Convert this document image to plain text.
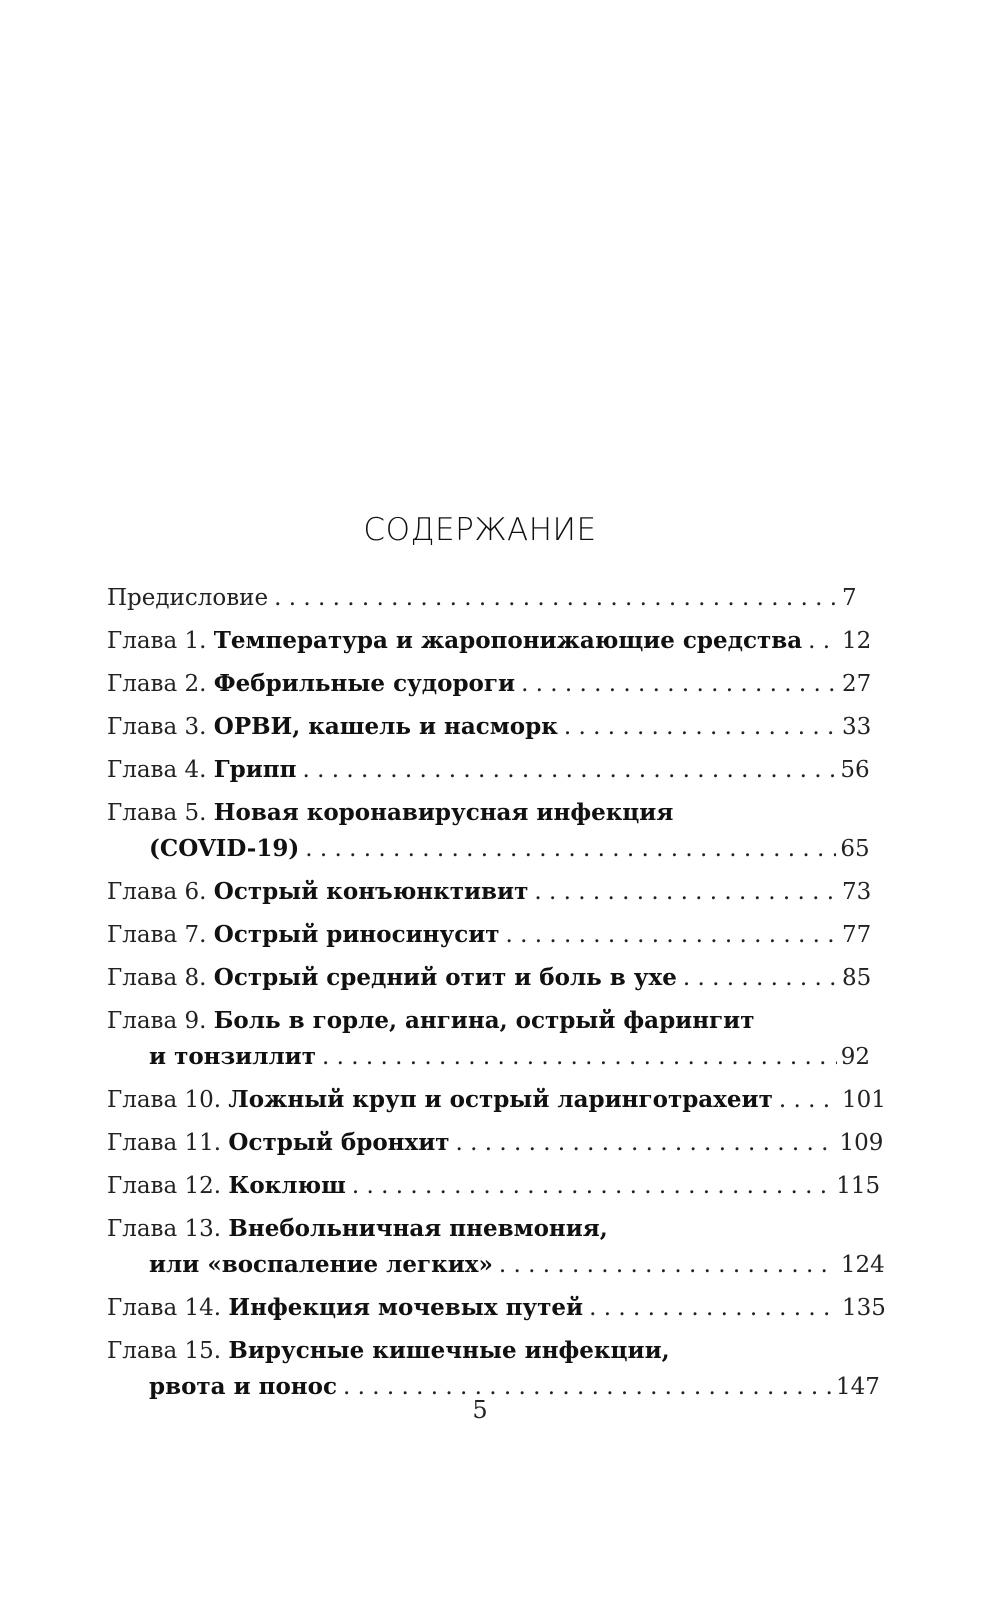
СОДЕРЖАНИЕ
Предисловие . . .	7
Глава 1.
Температура и жаропонижающие средства . . . 12
Глава 2.
Фебрильные судороги . . .	27
Глава 3.
ОРВИ, кашель и насморк . . .	33
Глава 4.
Грипп . . .	56
Глава 5.
Новая коронавирусная инфекция
(COVID-19) . . .	65
Глава 6.
Острый конъюнктивит . . .	73
Глава 7.
Острый риносинусит . . .	77
Глава 8.
Острый средний отит и боль в ухе . . .	85
Глава 9.
Боль в горле, ангина, острый фарингит
и тонзиллит . . .	92
Глава 10.
Ложный круп и острый ларинготрахеит . . .	101
Глава 11.
Острый бронхит . . .	109
Глава 12.
Коклюш . . .	115
Глава 13.
Внебольничная пневмония,
или «воспаление легких» . . .	124
Глава 14.
Инфекция мочевых путей . . .	135
Глава 15.
Вирусные кишечные инфекции,
рвота и понос . . .	147
5
